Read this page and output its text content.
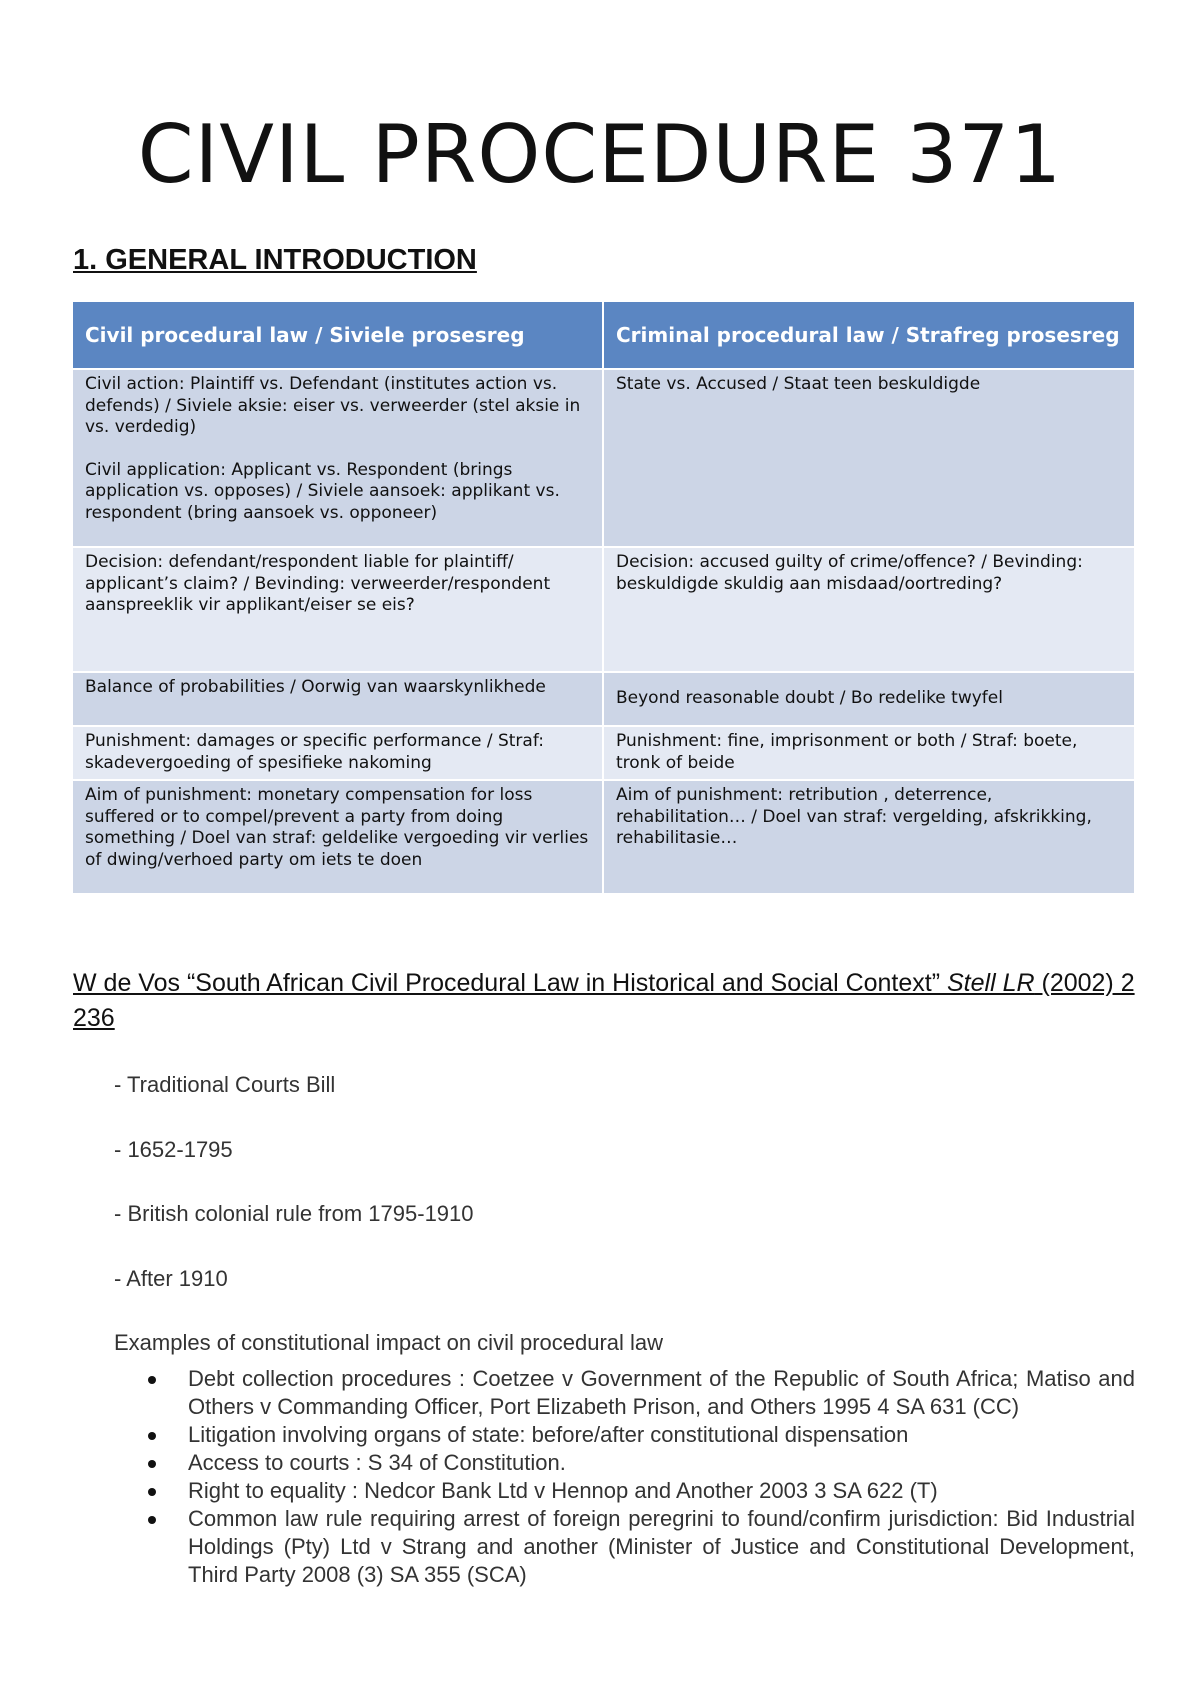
CIVIL PROCEDURE 371
1. GENERAL INTRODUCTION
Civil procedural law / Siviele prosesreg	Criminal procedural law / Strafreg prosesreg

Civil action: Plaintiff vs. Defendant (institutes action vs. defends) / Siviele aksie: eiser vs. verweerder (stel aksie in vs. verdedig)
Civil application: Applicant vs. Respondent (brings application vs. opposes) / Siviele aansoek: applikant vs. respondent (bring aansoek vs. opponeer)	State vs. Accused / Staat teen beskuldigde

Decision: defendant/respondent liable for plaintiff/ applicant’s claim? / Bevinding: verweerder/respondent aanspreeklik vir applikant/eiser se eis?	Decision: accused guilty of crime/offence? / Bevinding: beskuldigde skuldig aan misdaad/oortreding?

Balance of probabilities / Oorwig van waarskynlikhede	Beyond reasonable doubt / Bo redelike twyfel

Punishment: damages or specific performance / Straf: skadevergoeding of spesifieke nakoming	Punishment: fine, imprisonment or both / Straf: boete, tronk of beide

Aim of punishment: monetary compensation for loss suffered or to compel/prevent a party from doing something / Doel van straf: geldelike vergoeding vir verlies of dwing/verhoed party om iets te doen	Aim of punishment: retribution , deterrence, rehabilitation… / Doel van straf: vergelding, afskrikking, rehabilitasie…

W de Vos “South African Civil Procedural Law in Historical and Social Context” Stell LR (2002) 2 236

- Traditional Courts Bill

- 1652-1795

- British colonial rule from 1795-1910

- After 1910

Examples of constitutional impact on civil procedural law

Debt collection procedures : Coetzee v Government of the Republic of South Africa; Matiso and Others v Commanding Officer, Port Elizabeth Prison, and Others 1995 4 SA 631 (CC)
Litigation involving organs of state: before/after constitutional dispensation
Access to courts : S 34 of Constitution.
Right to equality : Nedcor Bank Ltd v Hennop and Another 2003 3 SA 622 (T)
Common law rule requiring arrest of foreign peregrini to found/confirm jurisdiction: Bid Industrial Holdings (Pty) Ltd v Strang and another (Minister of Justice and Constitutional Development, Third Party 2008 (3) SA 355 (SCA)
